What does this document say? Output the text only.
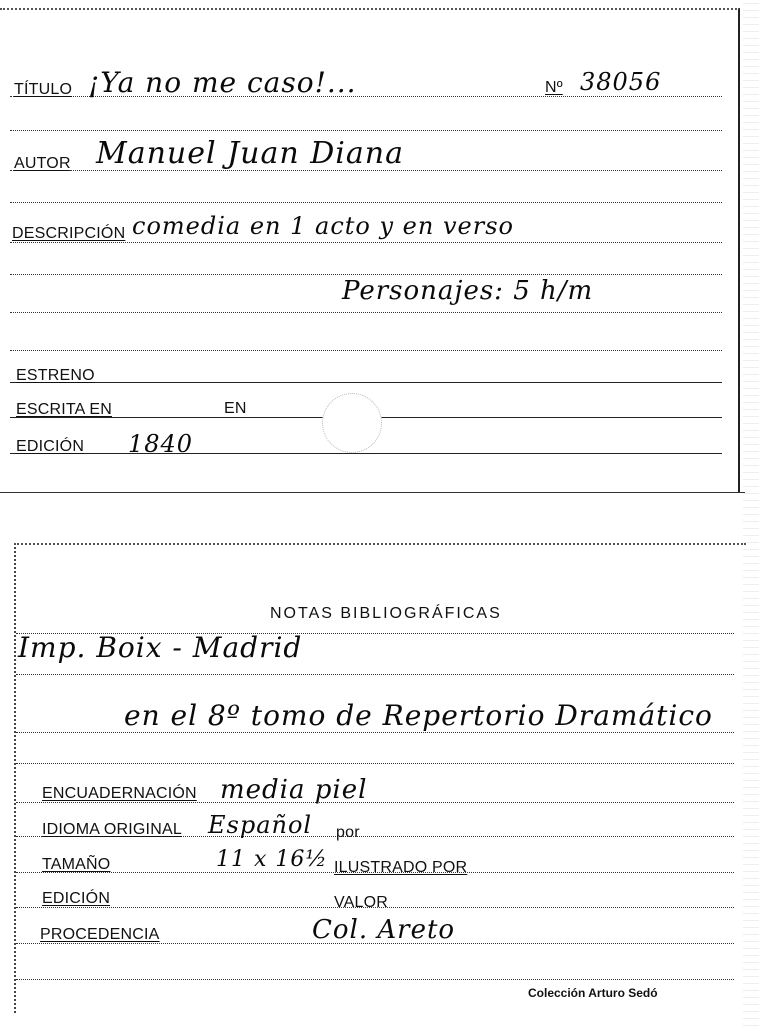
TÍTULO ¡Ya no me caso!...	Nº 38056
AUTOR Manuel Juan Diana
DESCRIPCIÓN comedia en 1 acto y en verso
Personajes: 5 h/m
ESTRENO
ESCRITA EN	EN
EDICIÓN 1840
NOTAS BIBLIOGRÁFICAS
Imp. Boix - Madrid
en el 8º tomo de Repertorio Dramático
ENCUADERNACIÓN media piel
IDIOMA ORIGINAL Español por
TAMAÑO	11 x 16½ ILUSTRADO POR
EDICIÓN	VALOR
PROCEDENCIA	Col. Areto
Colección Arturo Sedó
